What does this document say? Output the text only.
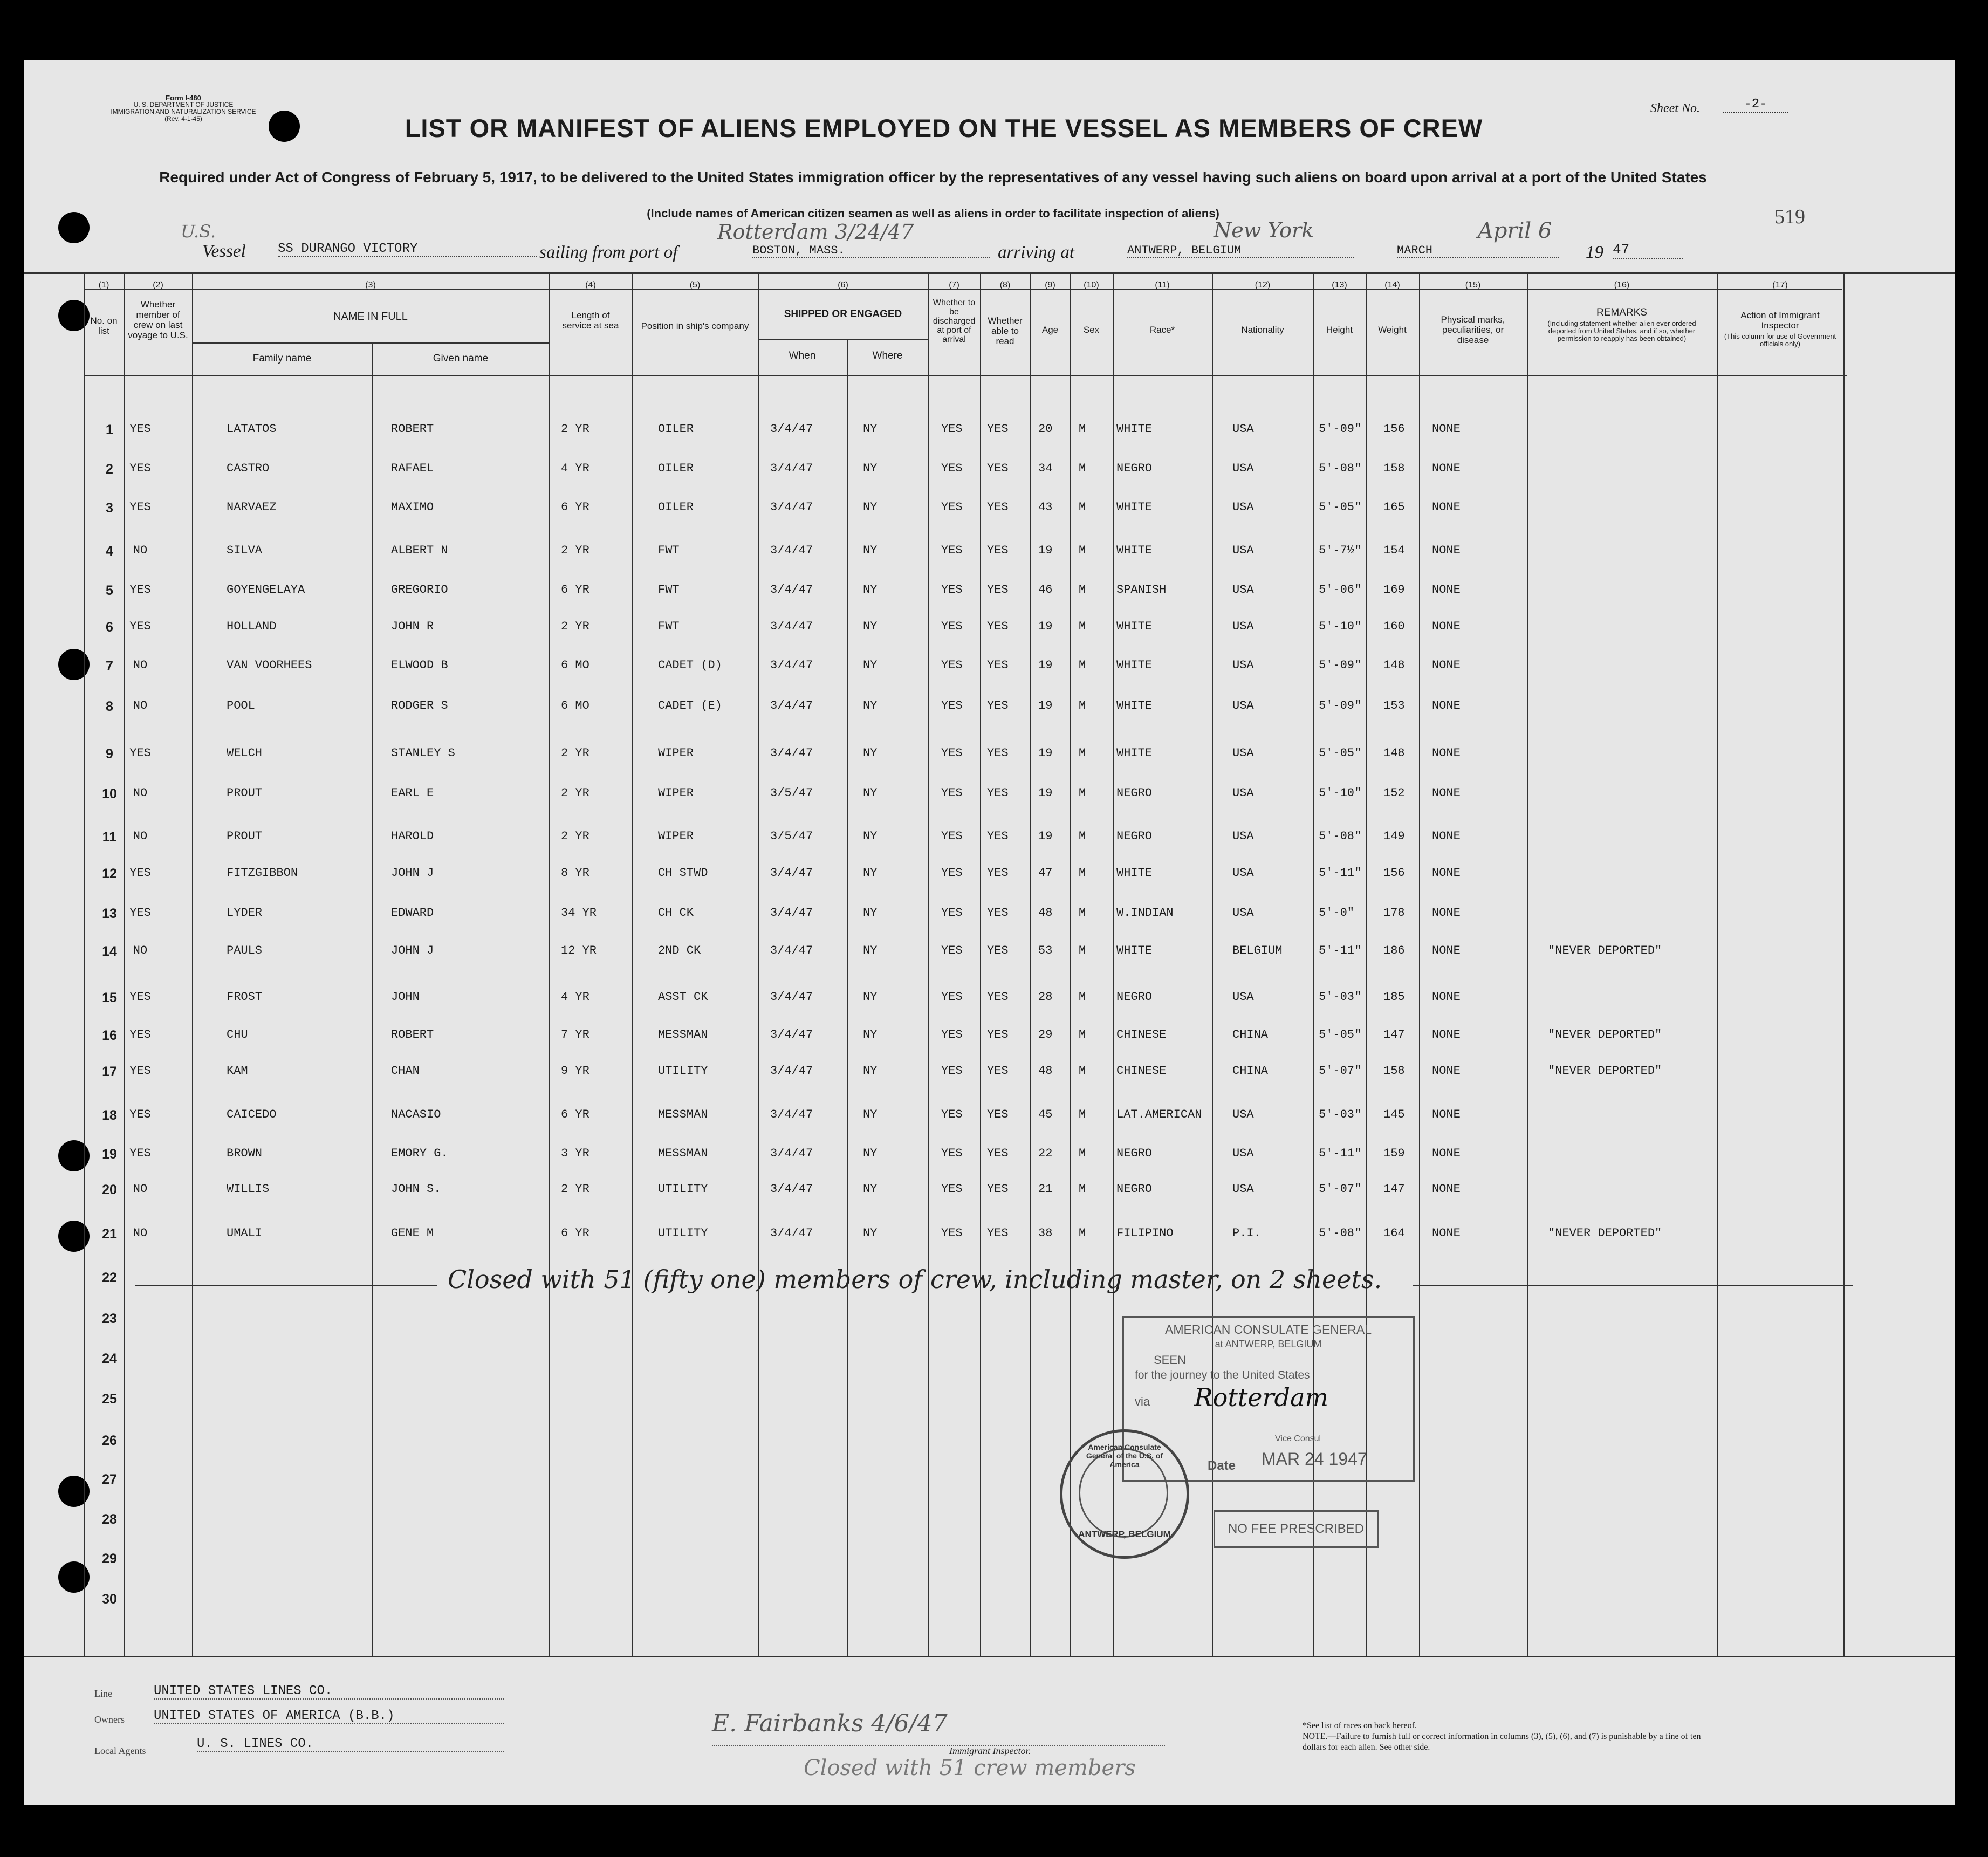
Form I-480
U. S. DEPARTMENT OF JUSTICE
IMMIGRATION AND NATURALIZATION SERVICE
(Rev. 4-1-45)
Sheet No.	-2-
LIST OR MANIFEST OF ALIENS EMPLOYED ON THE VESSEL AS MEMBERS OF CREW
Required under Act of Congress of February 5, 1917, to be delivered to the United States immigration officer by the representatives of any vessel having such aliens on board upon arrival at a port of the United States
(Include names of American citizen seamen as well as aliens in order to facilitate inspection of aliens)	519
U.S.
Vessel SS DURANGO VICTORY	sailing from port of	BOSTON, MASS.
Rotterdam 3/24/47
arriving at	ANTWERP, BELGIUM
New York
MARCH
April 6
19 47
(1)
No. on list
(2)
Whether member of crew on last voyage to U.S.
(3)
NAME IN FULL
Family name	Given name
(4)
Length of service at sea
(5)
Position in ship's company
(6)
SHIPPED OR ENGAGED
When	Where
(7)
Whether to be discharged at port of arrival
(8)
Whether able to read
(9)
Age
(10)
Sex
(11)
Race*
(12)
Nationality
(13)
Height
(14)
Weight
(15)
Physical marks, peculiarities, or disease
(16)
REMARKS
(Including statement whether alien ever ordered deported from United States, and if so, whether permission to reapply has been obtained)
(17)
Action of Immigrant Inspector
(This column for use of Government officials only)
1	YES	LATATOS	ROBERT	2 YR	OILER	3/4/47	NY	YES YES	20 M	WHITE	USA	5'-09" 156 NONE
2	YES	CASTRO	RAFAEL	4 YR	OILER	3/4/47	NY	YES YES	34 M	NEGRO	USA	5'-08" 158 NONE
3	YES	NARVAEZ	MAXIMO	6 YR	OILER	3/4/47	NY	YES YES	43 M	WHITE	USA	5'-05" 165 NONE
4	NO	SILVA	ALBERT N	2 YR	FWT	3/4/47	NY	YES YES	19 M	WHITE	USA	5'-7½" 154 NONE
5	YES	GOYENGELAYA	GREGORIO	6 YR	FWT	3/4/47	NY	YES YES	46 M	SPANISH	USA	5'-06" 169 NONE
6	YES	HOLLAND	JOHN R	2 YR	FWT	3/4/47	NY	YES YES	19 M	WHITE	USA	5'-10" 160 NONE
7	NO	VAN VOORHEES	ELWOOD B	6 MO	CADET (D)	3/4/47	NY	YES YES	19 M	WHITE	USA	5'-09" 148 NONE
8	NO	POOL	RODGER S	6 MO	CADET (E)	3/4/47	NY	YES YES	19 M	WHITE	USA	5'-09" 153 NONE
9	YES	WELCH	STANLEY S	2 YR	WIPER	3/4/47	NY	YES YES	19 M	WHITE	USA	5'-05" 148 NONE
10	NO	PROUT	EARL E	2 YR	WIPER	3/5/47	NY	YES YES	19 M	NEGRO	USA	5'-10" 152 NONE
11	NO	PROUT	HAROLD	2 YR	WIPER	3/5/47	NY	YES YES	19 M	NEGRO	USA	5'-08" 149 NONE
12	YES	FITZGIBBON	JOHN J	8 YR	CH STWD	3/4/47	NY	YES YES	47 M	WHITE	USA	5'-11" 156 NONE
13	YES	LYDER	EDWARD	34 YR	CH CK	3/4/47	NY	YES YES	48 M	W.INDIAN	USA	5'-0" 178 NONE
14	NO	PAULS	JOHN J	12 YR	2ND CK	3/4/47	NY	YES YES	53 M	WHITE	BELGIUM	5'-11" 186 NONE	"NEVER DEPORTED"
15	YES	FROST	JOHN	4 YR	ASST CK	3/4/47	NY	YES YES	28 M	NEGRO	USA	5'-03" 185 NONE
16	YES	CHU	ROBERT	7 YR	MESSMAN	3/4/47	NY	YES YES	29 M	CHINESE	CHINA	5'-05" 147 NONE	"NEVER DEPORTED"
17	YES	KAM	CHAN	9 YR	UTILITY	3/4/47	NY	YES YES	48 M	CHINESE	CHINA	5'-07" 158 NONE	"NEVER DEPORTED"
18	YES	CAICEDO	NACASIO	6 YR	MESSMAN	3/4/47	NY	YES YES	45 M	LAT.AMERICAN	USA	5'-03" 145 NONE
19	YES	BROWN	EMORY G.	3 YR	MESSMAN	3/4/47	NY	YES YES	22 M	NEGRO	USA	5'-11" 159 NONE
20	NO	WILLIS	JOHN S.	2 YR	UTILITY	3/4/47	NY	YES YES	21 M	NEGRO	USA	5'-07" 147 NONE
21	NO	UMALI	GENE M	6 YR	UTILITY	3/4/47	NY	YES YES	38 M	FILIPINO	P.I.	5'-08" 164 NONE	"NEVER DEPORTED"
22
23
24
25
26
27
28
29
30
Closed with 51 (fifty one) members of crew, including master, on 2 sheets.
AMERICAN CONSULATE GENERAL
at ANTWERP, BELGIUM
SEEN
for the journey to the United States
via Rotterdam
Vice Consul
Date MAR 24 1947
American Consulate General of the U.S. of America
ANTWERP, BELGIUM	NO FEE PRESCRIBED
Line	UNITED STATES LINES CO.
Owners UNITED STATES OF AMERICA (B.B.)
Local Agents	U. S. LINES CO.
E. Fairbanks 4/6/47
Immigrant Inspector.
Closed with 51 crew members
*See list of races on back hereof.
NOTE.—Failure to furnish full or correct information in columns (3), (5), (6), and (7) is punishable by a fine of ten dollars for each alien. See other side.
